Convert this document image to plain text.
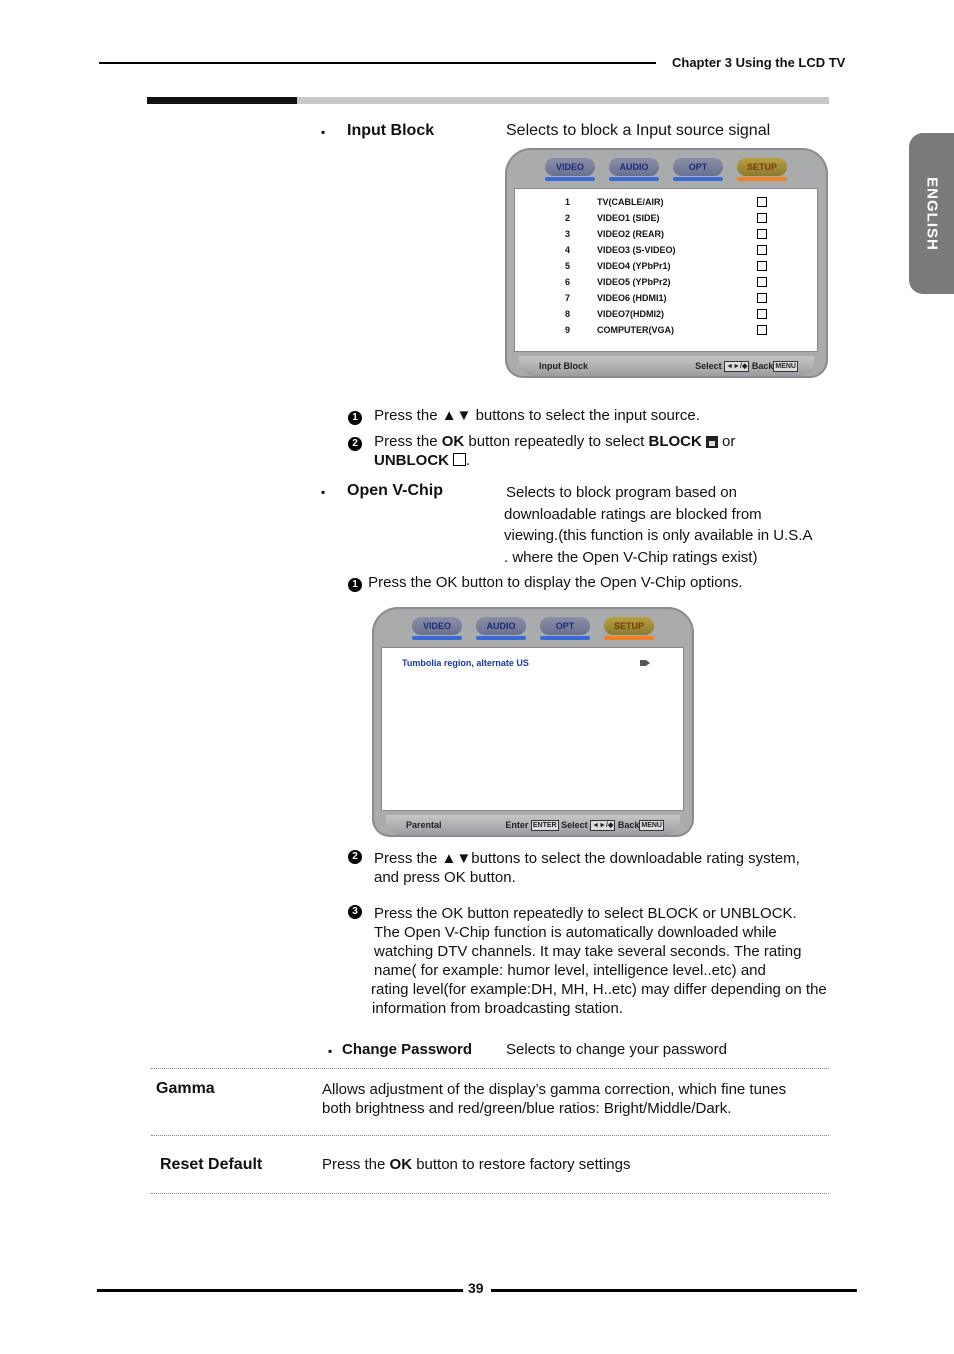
Chapter 3 Using the LCD TV
ENGLISH
▪ Input Block	Selects to block a Input source signal
VIDEO	AUDIO	OPT	SETUP
1	TV(CABLE/AIR)
2	VIDEO1 (SIDE)
3	VIDEO2 (REAR)
4	VIDEO3 (S-VIDEO)
5	VIDEO4 (YPbPr1)
6	VIDEO5 (YPbPr2)
7	VIDEO6 (HDMI1)
8	VIDEO7(HDMI2)
9	COMPUTER(VGA)
Input Block	Select ◄►/◆ Back MENU
1 Press the ▲▼ buttons to select the input source.
2 Press the OK button repeatedly to select BLOCK or
UNBLOCK .
▪ Open V-Chip	Selects to block program based on
downloadable ratings are blocked from
viewing.(this function is only available in U.S.A
. where the Open V-Chip ratings exist)
1 Press the OK button to display the Open V-Chip options.
VIDEO	AUDIO	OPT	SETUP
Tumbolia region, alternate US
Parental	Enter ENTER Select ◄►/◆ Back MENU
2	Press the ▲▼buttons to select the downloadable rating system,
and press OK button.
3	Press the OK button repeatedly to select BLOCK or UNBLOCK.
The Open V-Chip function is automatically downloaded while
watching DTV channels. It may take several seconds. The rating
name( for example: humor level, intelligence level..etc) and
rating level(for example:DH, MH, H..etc) may differ depending on the
information from broadcasting station.
▪ Change Password Selects to change your password
Gamma	Allows adjustment of the display’s gamma correction, which fine tunes
both brightness and red/green/blue ratios: Bright/Middle/Dark.
Reset Default	Press the OK button to restore factory settings
39
